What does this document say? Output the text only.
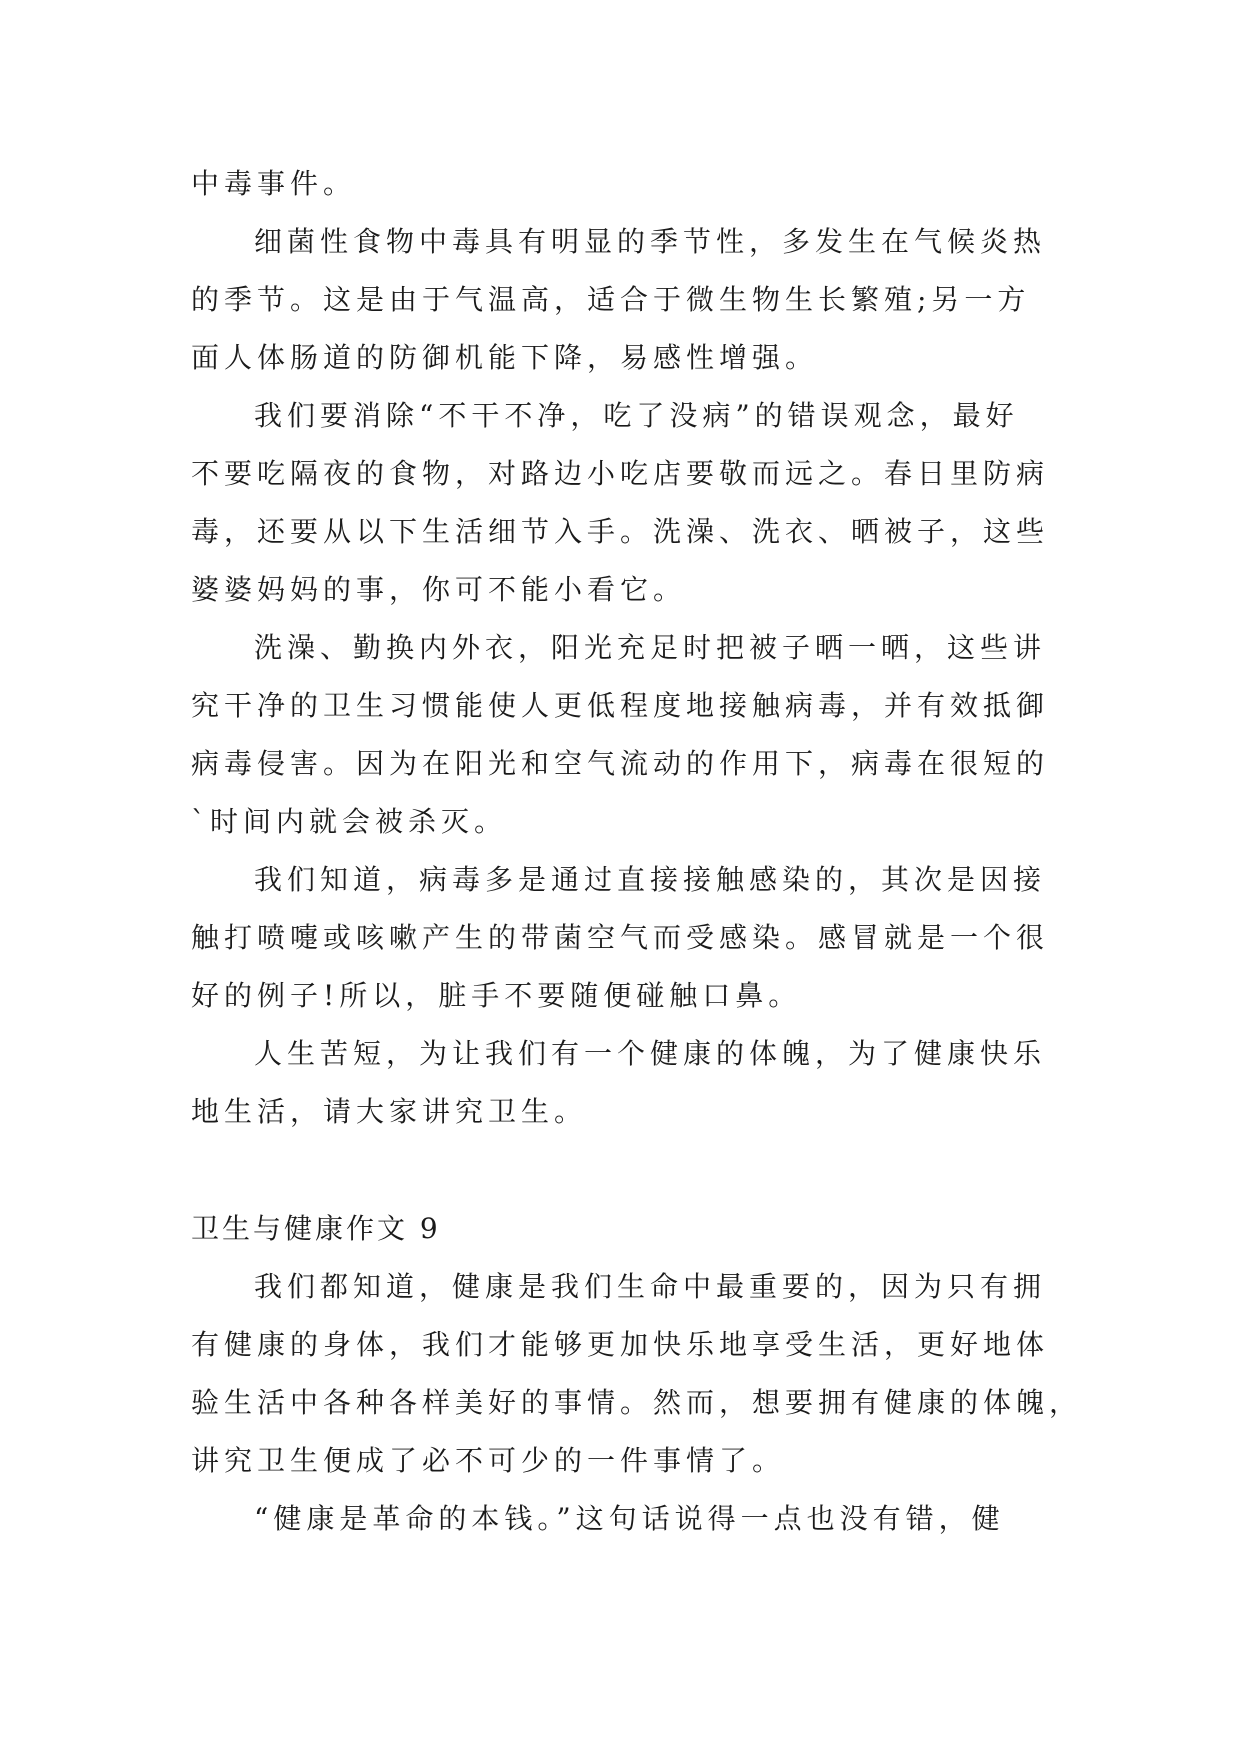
中毒事件。
细菌性食物中毒具有明显的季节性，多发生在气候炎热
的季节。这是由于气温高，适合于微生物生长繁殖;另一方
面人体肠道的防御机能下降，易感性增强。
我们要消除“不干不净，吃了没病”的错误观念，最好
不要吃隔夜的食物，对路边小吃店要敬而远之。春日里防病
毒，还要从以下生活细节入手。洗澡、洗衣、晒被子，这些
婆婆妈妈的事，你可不能小看它。
洗澡、勤换内外衣，阳光充足时把被子晒一晒，这些讲
究干净的卫生习惯能使人更低程度地接触病毒，并有效抵御
病毒侵害。因为在阳光和空气流动的作用下，病毒在很短的
`时间内就会被杀灭。
我们知道，病毒多是通过直接接触感染的，其次是因接
触打喷嚏或咳嗽产生的带菌空气而受感染。感冒就是一个很
好的例子!所以，脏手不要随便碰触口鼻。
人生苦短，为让我们有一个健康的体魄，为了健康快乐
地生活，请大家讲究卫生。
卫生与健康作文 9
我们都知道，健康是我们生命中最重要的，因为只有拥
有健康的身体，我们才能够更加快乐地享受生活，更好地体
验生活中各种各样美好的事情。然而，想要拥有健康的体魄，
讲究卫生便成了必不可少的一件事情了。
“健康是革命的本钱。”这句话说得一点也没有错，健
